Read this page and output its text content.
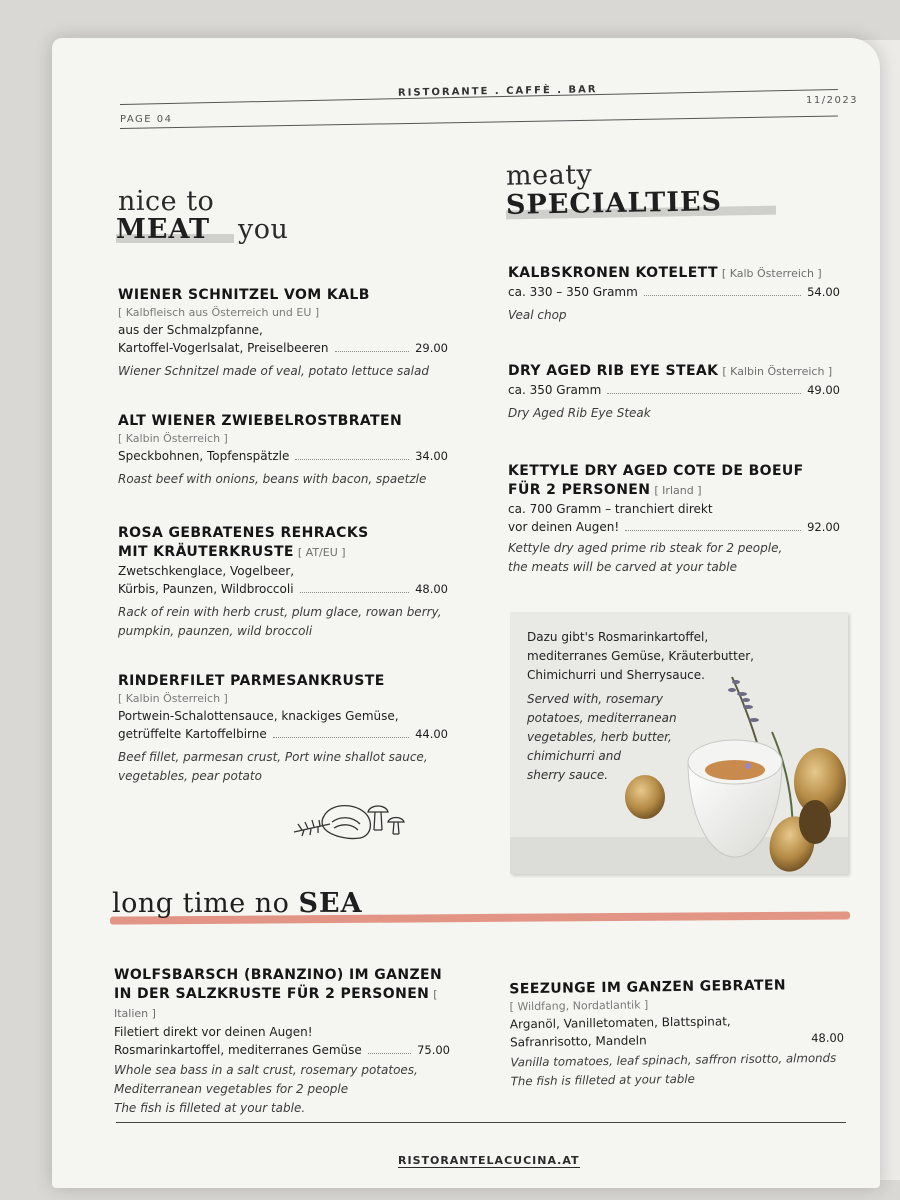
PAGE 04
RISTORANTE . CAFFÈ . BAR
11/2023
nice to
MEAT you
WIENER SCHNITZEL VOM KALB
[ Kalbfleisch aus Österreich und EU ]
aus der Schmalzpfanne,
Kartoffel-Vogerlsalat, Preiselbeeren	29.00
Wiener Schnitzel made of veal, potato lettuce salad
ALT WIENER ZWIEBELROSTBRATEN
[ Kalbin Österreich ]
Speckbohnen, Topfenspätzle	34.00
Roast beef with onions, beans with bacon, spaetzle
ROSA GEBRATENES REHRACKS
MIT KRÄUTERKRUSTE [ AT/EU ]
Zwetschkenglace, Vogelbeer,
Kürbis, Paunzen, Wildbroccoli	48.00
Rack of rein with herb crust, plum glace, rowan berry,
pumpkin, paunzen, wild broccoli
RINDERFILET PARMESANKRUSTE
[ Kalbin Österreich ]
Portwein-Schalottensauce, knackiges Gemüse,
getrüffelte Kartoffelbirne	44.00
Beef fillet, parmesan crust, Port wine shallot sauce,
vegetables, pear potato
meaty
SPECIALTIES
KALBSKRONEN KOTELETT [ Kalb Österreich ]
ca. 330 – 350 Gramm	54.00
Veal chop
DRY AGED RIB EYE STEAK [ Kalbin Österreich ]
ca. 350 Gramm	49.00
Dry Aged Rib Eye Steak
KETTYLE DRY AGED COTE DE BOEUF
FÜR 2 PERSONEN [ Irland ]
ca. 700 Gramm – tranchiert direkt
vor deinen Augen!	92.00
Kettyle dry aged prime rib steak for 2 people,
the meats will be carved at your table
Dazu gibt's Rosmarinkartoffel,
mediterranes Gemüse, Kräuterbutter,
Chimichurri und Sherrysauce.
Served with, rosemary
potatoes, mediterranean
vegetables, herb butter,
chimichurri and
sherry sauce.
long time no SEA
WOLFSBARSCH (BRANZINO) IM GANZEN
IN DER SALZKRUSTE FÜR 2 PERSONEN [ Italien ]
Filetiert direkt vor deinen Augen!
Rosmarinkartoffel, mediterranes Gemüse	75.00
Whole sea bass in a salt crust, rosemary potatoes,
Mediterranean vegetables for 2 people
The fish is filleted at your table.
SEEZUNGE IM GANZEN GEBRATEN
[ Wildfang, Nordatlantik ]
Arganöl, Vanilletomaten, Blattspinat,
Safranrisotto, Mandeln	48.00
Vanilla tomatoes, leaf spinach, saffron risotto, almonds
The fish is filleted at your table
RISTORANTELACUCINA.AT
